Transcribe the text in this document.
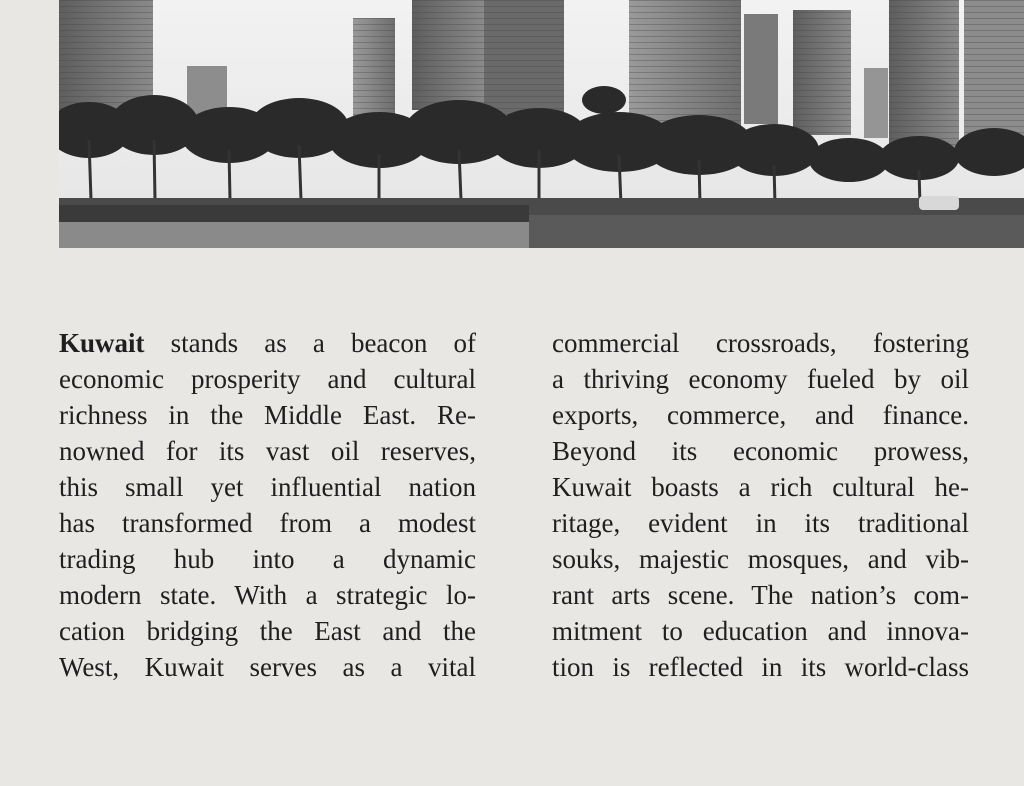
Kuwait stands as a beacon of
economic prosperity and cultural
richness in the Middle East. Re-
nowned for its vast oil reserves,
this small yet influential nation
has transformed from a modest
trading hub into a dynamic
modern state. With a strategic lo-
cation bridging the East and the
West, Kuwait serves as a vital
commercial crossroads, fostering
a thriving economy fueled by oil
exports, commerce, and finance.
Beyond its economic prowess,
Kuwait boasts a rich cultural he-
ritage, evident in its traditional
souks, majestic mosques, and vib-
rant arts scene. The nation’s com-
mitment to education and innova-
tion is reflected in its world-class
